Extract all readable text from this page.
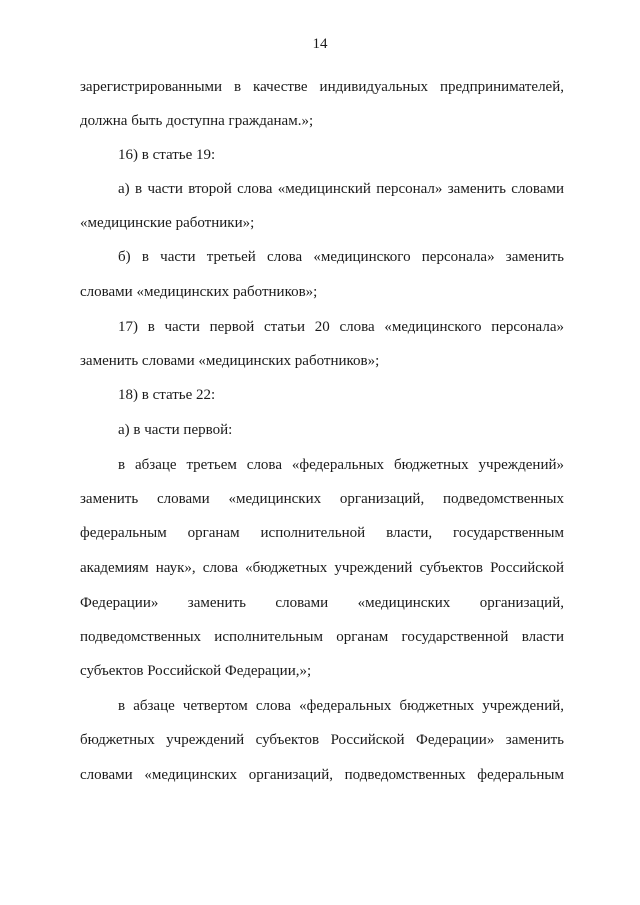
14
зарегистрированными в качестве индивидуальных предпринимателей,
должна быть доступна гражданам.»;
16) в статье 19:
а) в части второй слова «медицинский персонал» заменить словами
«медицинские работники»;
б) в части третьей слова «медицинского персонала» заменить
словами «медицинских работников»;
17) в части первой статьи 20 слова «медицинского персонала»
заменить словами «медицинских работников»;
18) в статье 22:
а) в части первой:
в абзаце третьем слова «федеральных бюджетных учреждений»
заменить словами «медицинских организаций, подведомственных
федеральным органам исполнительной власти, государственным
академиям наук», слова «бюджетных учреждений субъектов Российской
Федерации» заменить словами «медицинских организаций,
подведомственных исполнительным органам государственной власти
субъектов Российской Федерации,»;
в абзаце четвертом слова «федеральных бюджетных учреждений,
бюджетных учреждений субъектов Российской Федерации» заменить
словами «медицинских организаций, подведомственных федеральным
